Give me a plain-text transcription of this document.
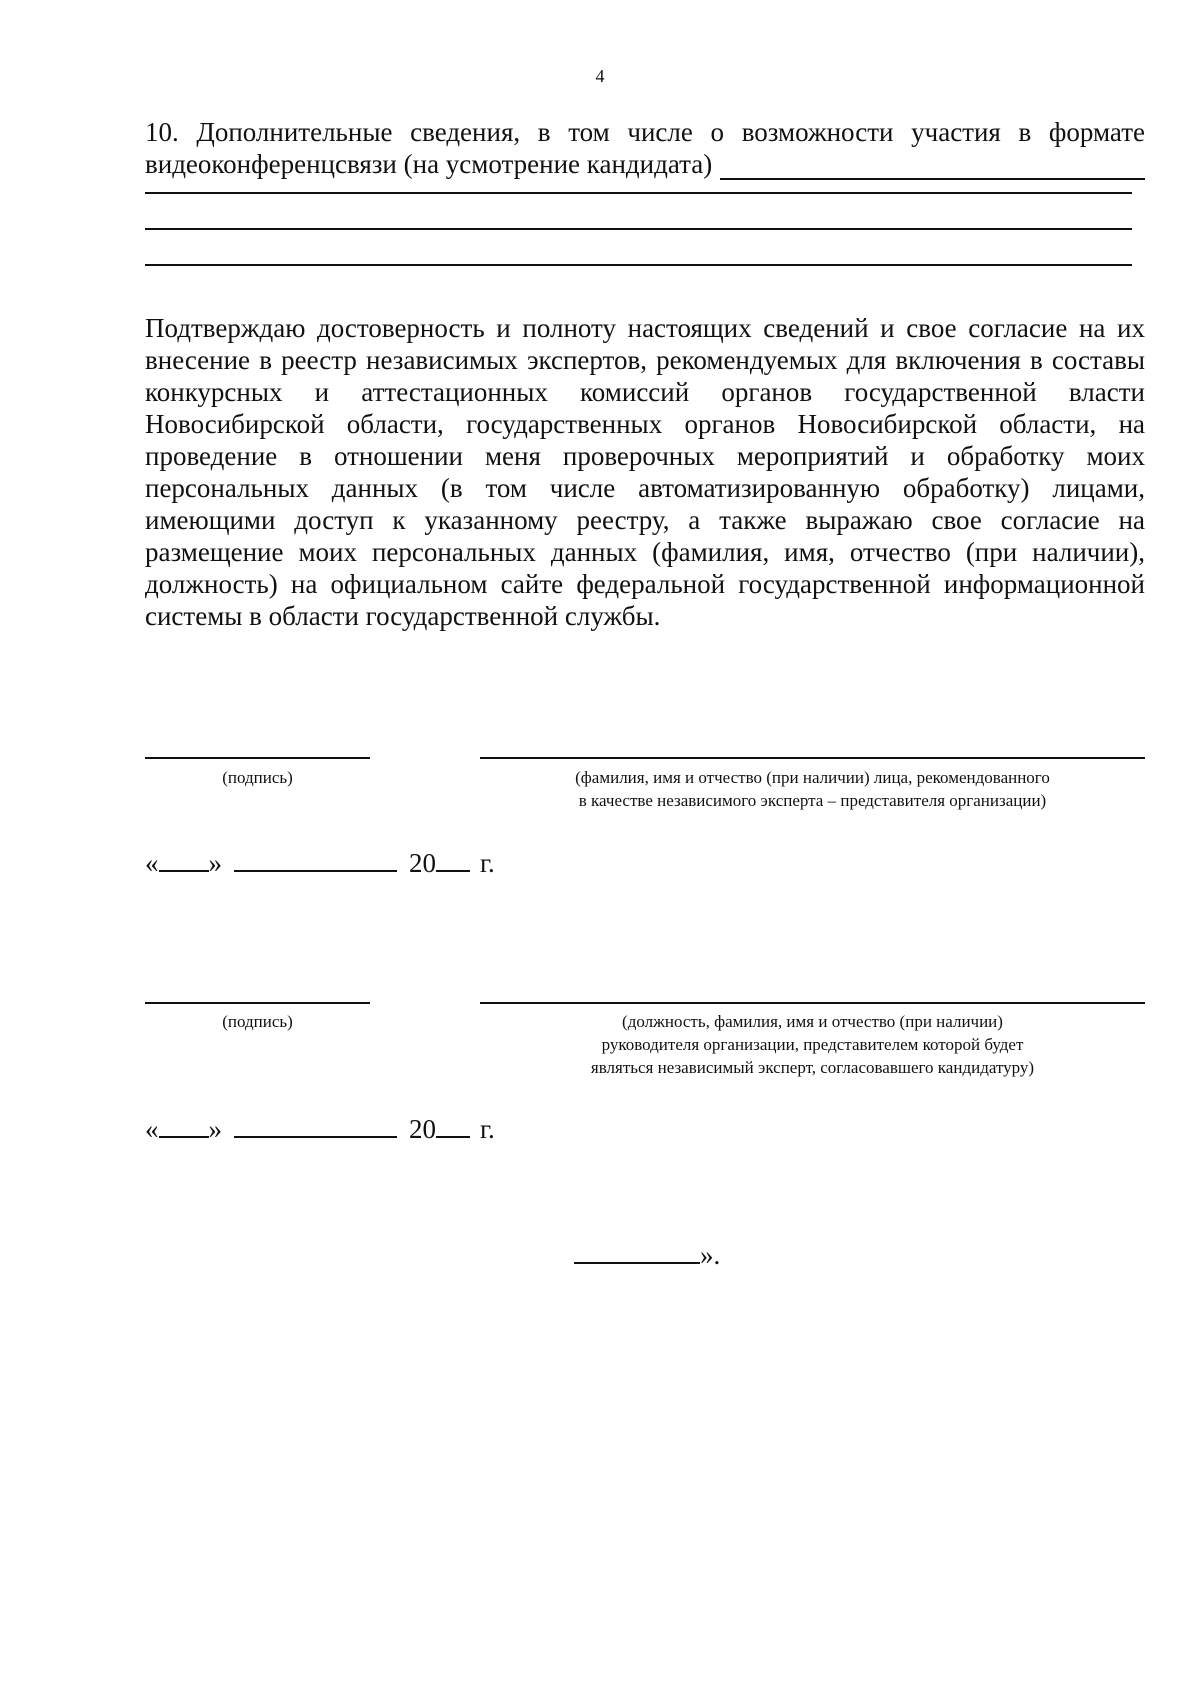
4
10. Дополнительные сведения, в том числе о возможности участия в формате
видеоконференцсвязи (на усмотрение кандидата)

Подтверждаю достоверность и полноту настоящих сведений и свое согласие на их внесение в реестр независимых экспертов, рекомендуемых для включения в составы конкурсных и аттестационных комиссий органов государственной власти Новосибирской области, государственных органов Новосибирской области, на проведение в отношении меня проверочных мероприятий и обработку моих персональных данных (в том числе автоматизированную обработку) лицами, имеющими доступ к указанному реестру, а также выражаю свое согласие на размещение моих персональных данных (фамилия, имя, отчество (при наличии), должность) на официальном сайте федеральной государственной информационной системы в области государственной службы.

(подпись)	(фамилия, имя и отчество (при наличии) лица, рекомендованного
в качестве независимого эксперта – представителя организации)
« »	20 г.
(подпись)	(должность, фамилия, имя и отчество (при наличии)
руководителя организации, представителем которой будет
являться независимый эксперт, согласовавшего кандидатуру)
« »	20 г.
».
